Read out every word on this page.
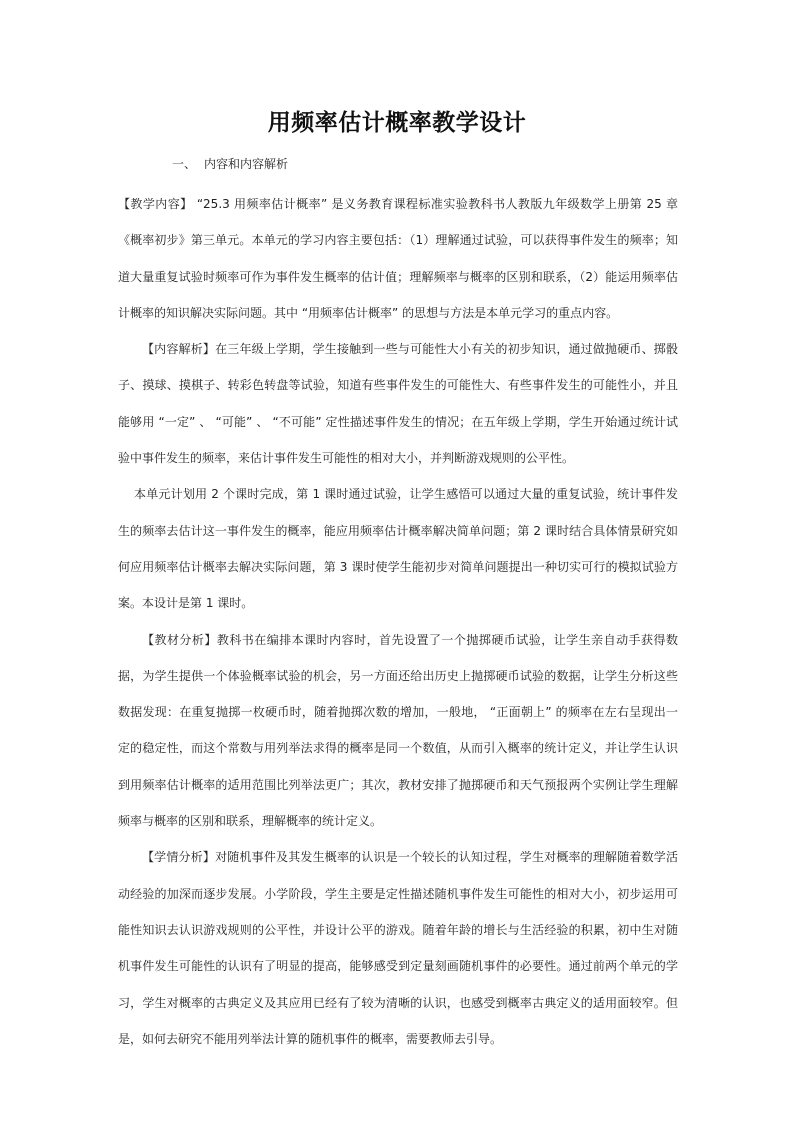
用频率估计概率教学设计
一、 内容和内容解析

【教学内容】 “25.3 用频率估计概率” 是义务教育课程标准实验教科书人教版九年级数学上册第 25 章《概率初步》第三单元。本单元的学习内容主要包括：（1）理解通过试验，可以获得事件发生的频率；知道大量重复试验时频率可作为事件发生概率的估计值；理解频率与概率的区别和联系，（2）能运用频率估计概率的知识解决实际问题。其中 “用频率估计概率” 的思想与方法是本单元学习的重点内容。

【内容解析】在三年级上学期，学生接触到一些与可能性大小有关的初步知识，通过做抛硬币、掷骰子、摸球、摸棋子、转彩色转盘等试验，知道有些事件发生的可能性大、有些事件发生的可能性小，并且能够用 “一定” 、 “可能” 、 “不可能” 定性描述事件发生的情况；在五年级上学期，学生开始通过统计试验中事件发生的频率，来估计事件发生可能性的相对大小，并判断游戏规则的公平性。

本单元计划用 2 个课时完成，第 1 课时通过试验，让学生感悟可以通过大量的重复试验，统计事件发生的频率去估计这一事件发生的概率，能应用频率估计概率解决简单问题；第 2 课时结合具体情景研究如何应用频率估计概率去解决实际问题，第 3 课时使学生能初步对简单问题提出一种切实可行的模拟试验方案。本设计是第 1 课时。

【教材分析】教科书在编排本课时内容时，首先设置了一个抛掷硬币试验，让学生亲自动手获得数据，为学生提供一个体验概率试验的机会，另一方面还给出历史上抛掷硬币试验的数据，让学生分析这些数据发现：在重复抛掷一枚硬币时，随着抛掷次数的增加，一般地， “正面朝上” 的频率在左右呈现出一定的稳定性，而这个常数与用列举法求得的概率是同一个数值，从而引入概率的统计定义，并让学生认识到用频率估计概率的适用范围比列举法更广；其次，教材安排了抛掷硬币和天气预报两个实例让学生理解频率与概率的区别和联系，理解概率的统计定义。

【学情分析】对随机事件及其发生概率的认识是一个较长的认知过程，学生对概率的理解随着数学活动经验的加深而逐步发展。小学阶段，学生主要是定性描述随机事件发生可能性的相对大小，初步运用可能性知识去认识游戏规则的公平性，并设计公平的游戏。随着年龄的增长与生活经验的积累，初中生对随机事件发生可能性的认识有了明显的提高，能够感受到定量刻画随机事件的必要性。通过前两个单元的学习，学生对概率的古典定义及其应用已经有了较为清晰的认识，也感受到概率古典定义的适用面较窄。但是，如何去研究不能用列举法计算的随机事件的概率，需要教师去引导。
